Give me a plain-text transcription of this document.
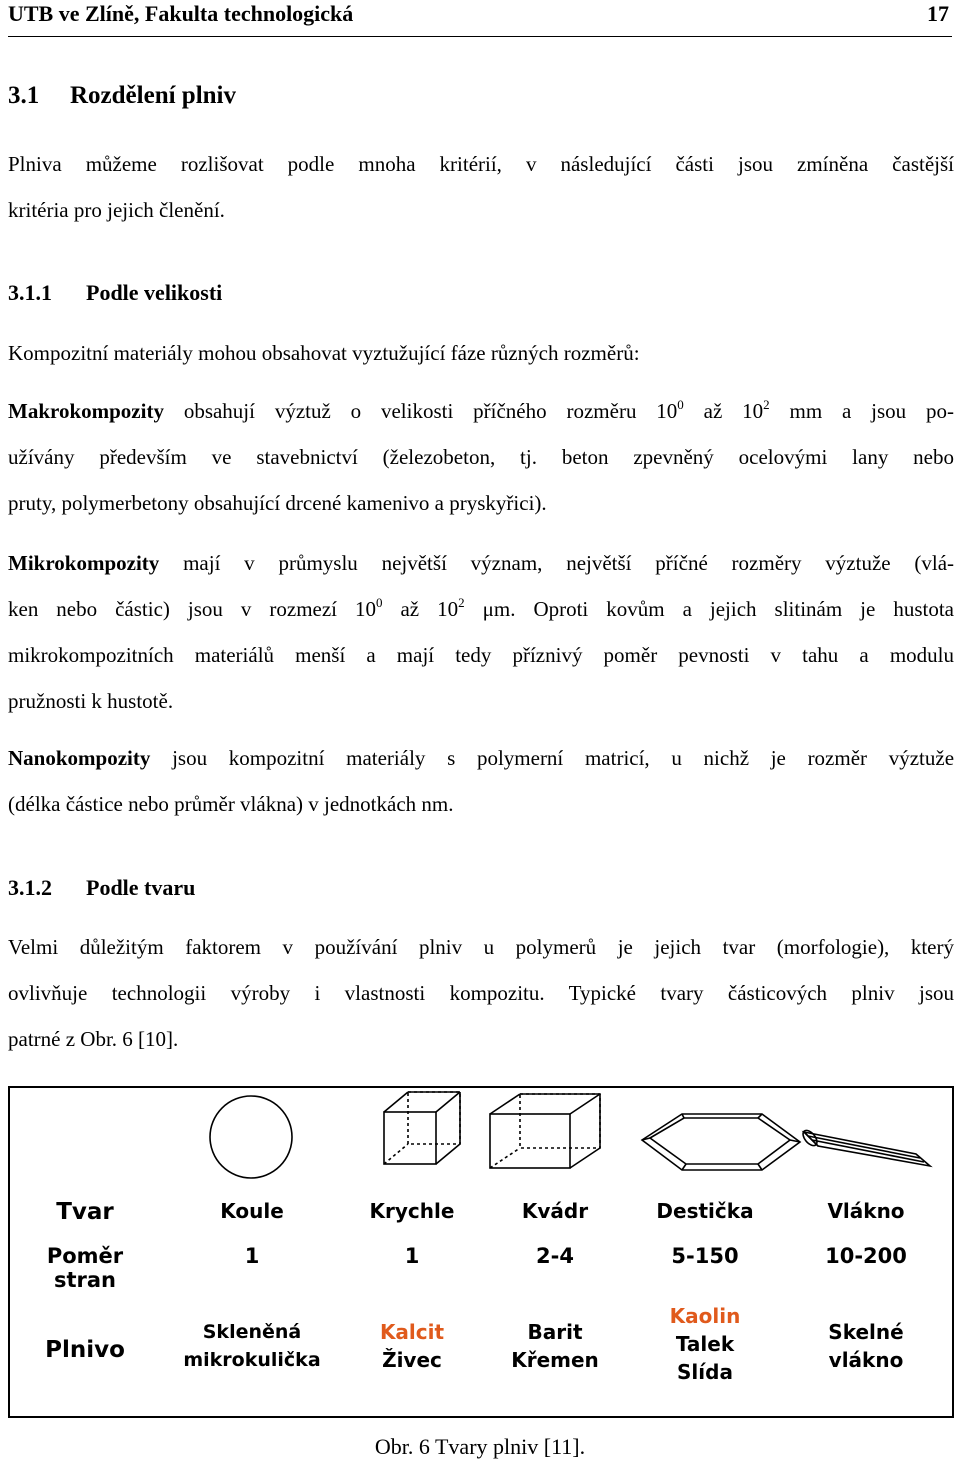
UTB ve Zlíně, Fakulta technologická	17
3.1 Rozdělení plniv
Plniva můžeme rozlišovat podle mnoha kritérií, v následující části jsou zmíněna častější
kritéria pro jejich členění.
3.1.1 Podle velikosti
Kompozitní materiály mohou obsahovat vyztužující fáze různých rozměrů:
Makrokompozity obsahují výztuž o velikosti příčného rozměru $10^0$ až $10^2$ mm a jsou po-
užívány především ve stavebnictví (železobeton, tj. beton zpevněný ocelovými lany nebo
pruty, polymerbetony obsahující drcené kamenivo a pryskyřici).
Mikrokompozity mají v průmyslu největší význam, největší příčné rozměry výztuže (vlá-
ken nebo částic) jsou v rozmezí $10^0$ až $10^2$ μm. Oproti kovům a jejich slitinám je hustota
mikrokompozitních materiálů menší a mají tedy příznivý poměr pevnosti v tahu a modulu
pružnosti k hustotě.
Nanokompozity jsou kompozitní materiály s polymerní matricí, u nichž je rozměr výztuže
(délka částice nebo průměr vlákna) v jednotkách nm.
3.1.2 Podle tvaru
Velmi důležitým faktorem v používání plniv u polymerů je jejich tvar (morfologie), který
ovlivňuje technologii výroby i vlastnosti kompozitu. Typické tvary částicových plniv jsou
patrné z Obr. 6 [10].
Tvar
Poměr
stran
Plnivo
Koule
1
Skleněná
mikrokulička
Krychle
1
Kalcit
Živec
Kvádr
2-4
Barit
Křemen
Destička
5-150
Kaolin
Talek
Slída
Vlákno
10-200
Skelné
vlákno
Obr. 6 Tvary plniv [11].
